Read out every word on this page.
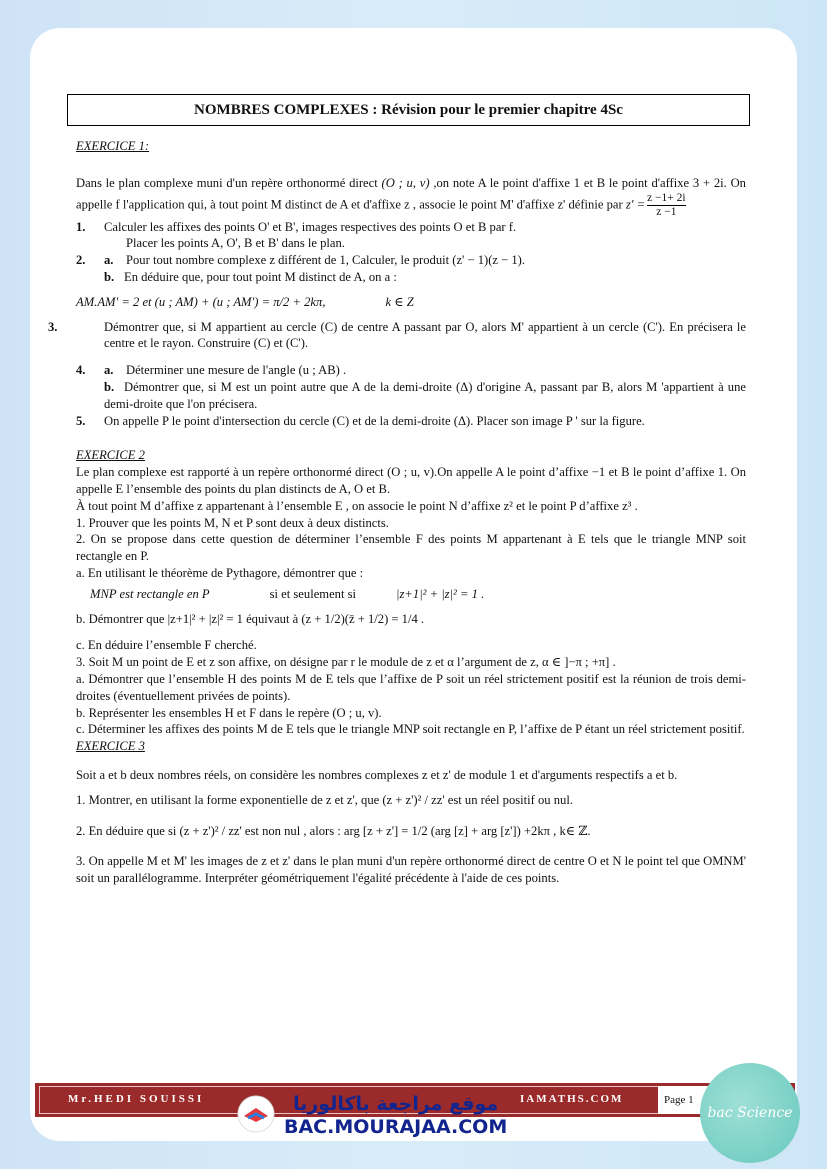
NOMBRES COMPLEXES : Révision pour le premier chapitre 4Sc

EXERCICE 1:

Dans le plan complexe muni d'un repère orthonormé direct (O ; u, v) ,on note A le point d'affixe 1 et B le point d'affixe 3 + 2i. On appelle f l'application qui, à tout point M distinct de A et d'affixe z , associe le point M' d'affixe z' définie par $z' = \frac{z -1+ 2i}{z -1}$

1. Calculer les affixes des points O' et B', images respectives des points O et B par f.

Placer les points A, O', B et B' dans le plan.

2. a. Pour tout nombre complexe z différent de 1, Calculer, le produit (z' − 1)(z − 1).

b. En déduire que, pour tout point M distinct de A, on a :

AM.AM' = 2 et (u ; AM) + (u ; AM') = π/2 + 2kπ,	k ∈ Z

3.	Démontrer que, si M appartient au cercle (C) de centre A passant par O, alors M' appartient à un cercle (C'). En précisera le centre et le rayon. Construire (C) et (C').

4. a. Déterminer une mesure de l'angle (u ; AB) .

b. Démontrer que, si M est un point autre que A de la demi-droite (Δ) d'origine A, passant par B, alors M 'appartient à une demi-droite que l'on précisera.

5. On appelle P le point d'intersection du cercle (C) et de la demi-droite (Δ). Placer son image P ' sur la figure.

EXERCICE 2

Le plan complexe est rapporté à un repère orthonormé direct (O ; u, v).On appelle A le point d’affixe −1 et B le point d’affixe 1. On appelle E l’ensemble des points du plan distincts de A, O et B.

À tout point M d’affixe z appartenant à l’ensemble E , on associe le point N d’affixe z² et le point P d’affixe z³ .

1. Prouver que les points M, N et P sont deux à deux distincts.

2. On se propose dans cette question de déterminer l’ensemble F des points M appartenant à E tels que le triangle MNP soit rectangle en P.

a. En utilisant le théorème de Pythagore, démontrer que :

MNP est rectangle en P	si et seulement si	|z+1|² + |z|² = 1 .

b. Démontrer que |z+1|² + |z|² = 1 équivaut à (z + 1/2)(z̄ + 1/2) = 1/4 .

c. En déduire l’ensemble F cherché.

3. Soit M un point de E et z son affixe, on désigne par r le module de z et α l’argument de z, α ∈ ]−π ; +π] .

a. Démontrer que l’ensemble H des points M de E tels que l’affixe de P soit un réel strictement positif est la réunion de trois demi-droites (éventuellement privées de points).

b. Représenter les ensembles H et F dans le repère (O ; u, v).

c. Déterminer les affixes des points M de E tels que le triangle MNP soit rectangle en P, l’affixe de P étant un réel strictement positif.

EXERCICE 3

Soit a et b deux nombres réels, on considère les nombres complexes z et z' de module 1 et d'arguments respectifs a et b.

1. Montrer, en utilisant la forme exponentielle de z et z', que (z + z')² / zz' est un réel positif ou nul.

2. En déduire que si (z + z')² / zz' est non nul , alors : arg [z + z'] = 1/2 (arg [z] + arg [z']) +2kπ , k∈ ℤ.

3. On appelle M et M' les images de z et z' dans le plan muni d'un repère orthonormé direct de centre O et N le point tel que OMNM' soit un parallélogramme. Interpréter géométriquement l'égalité précédente à l'aide de ces points.

Mr.HEDI SOUISSI	IAMATHS.COM	Page 1
موقع مراجعة باكالوريا
BAC.MOURAJAA.COM
bac Science
